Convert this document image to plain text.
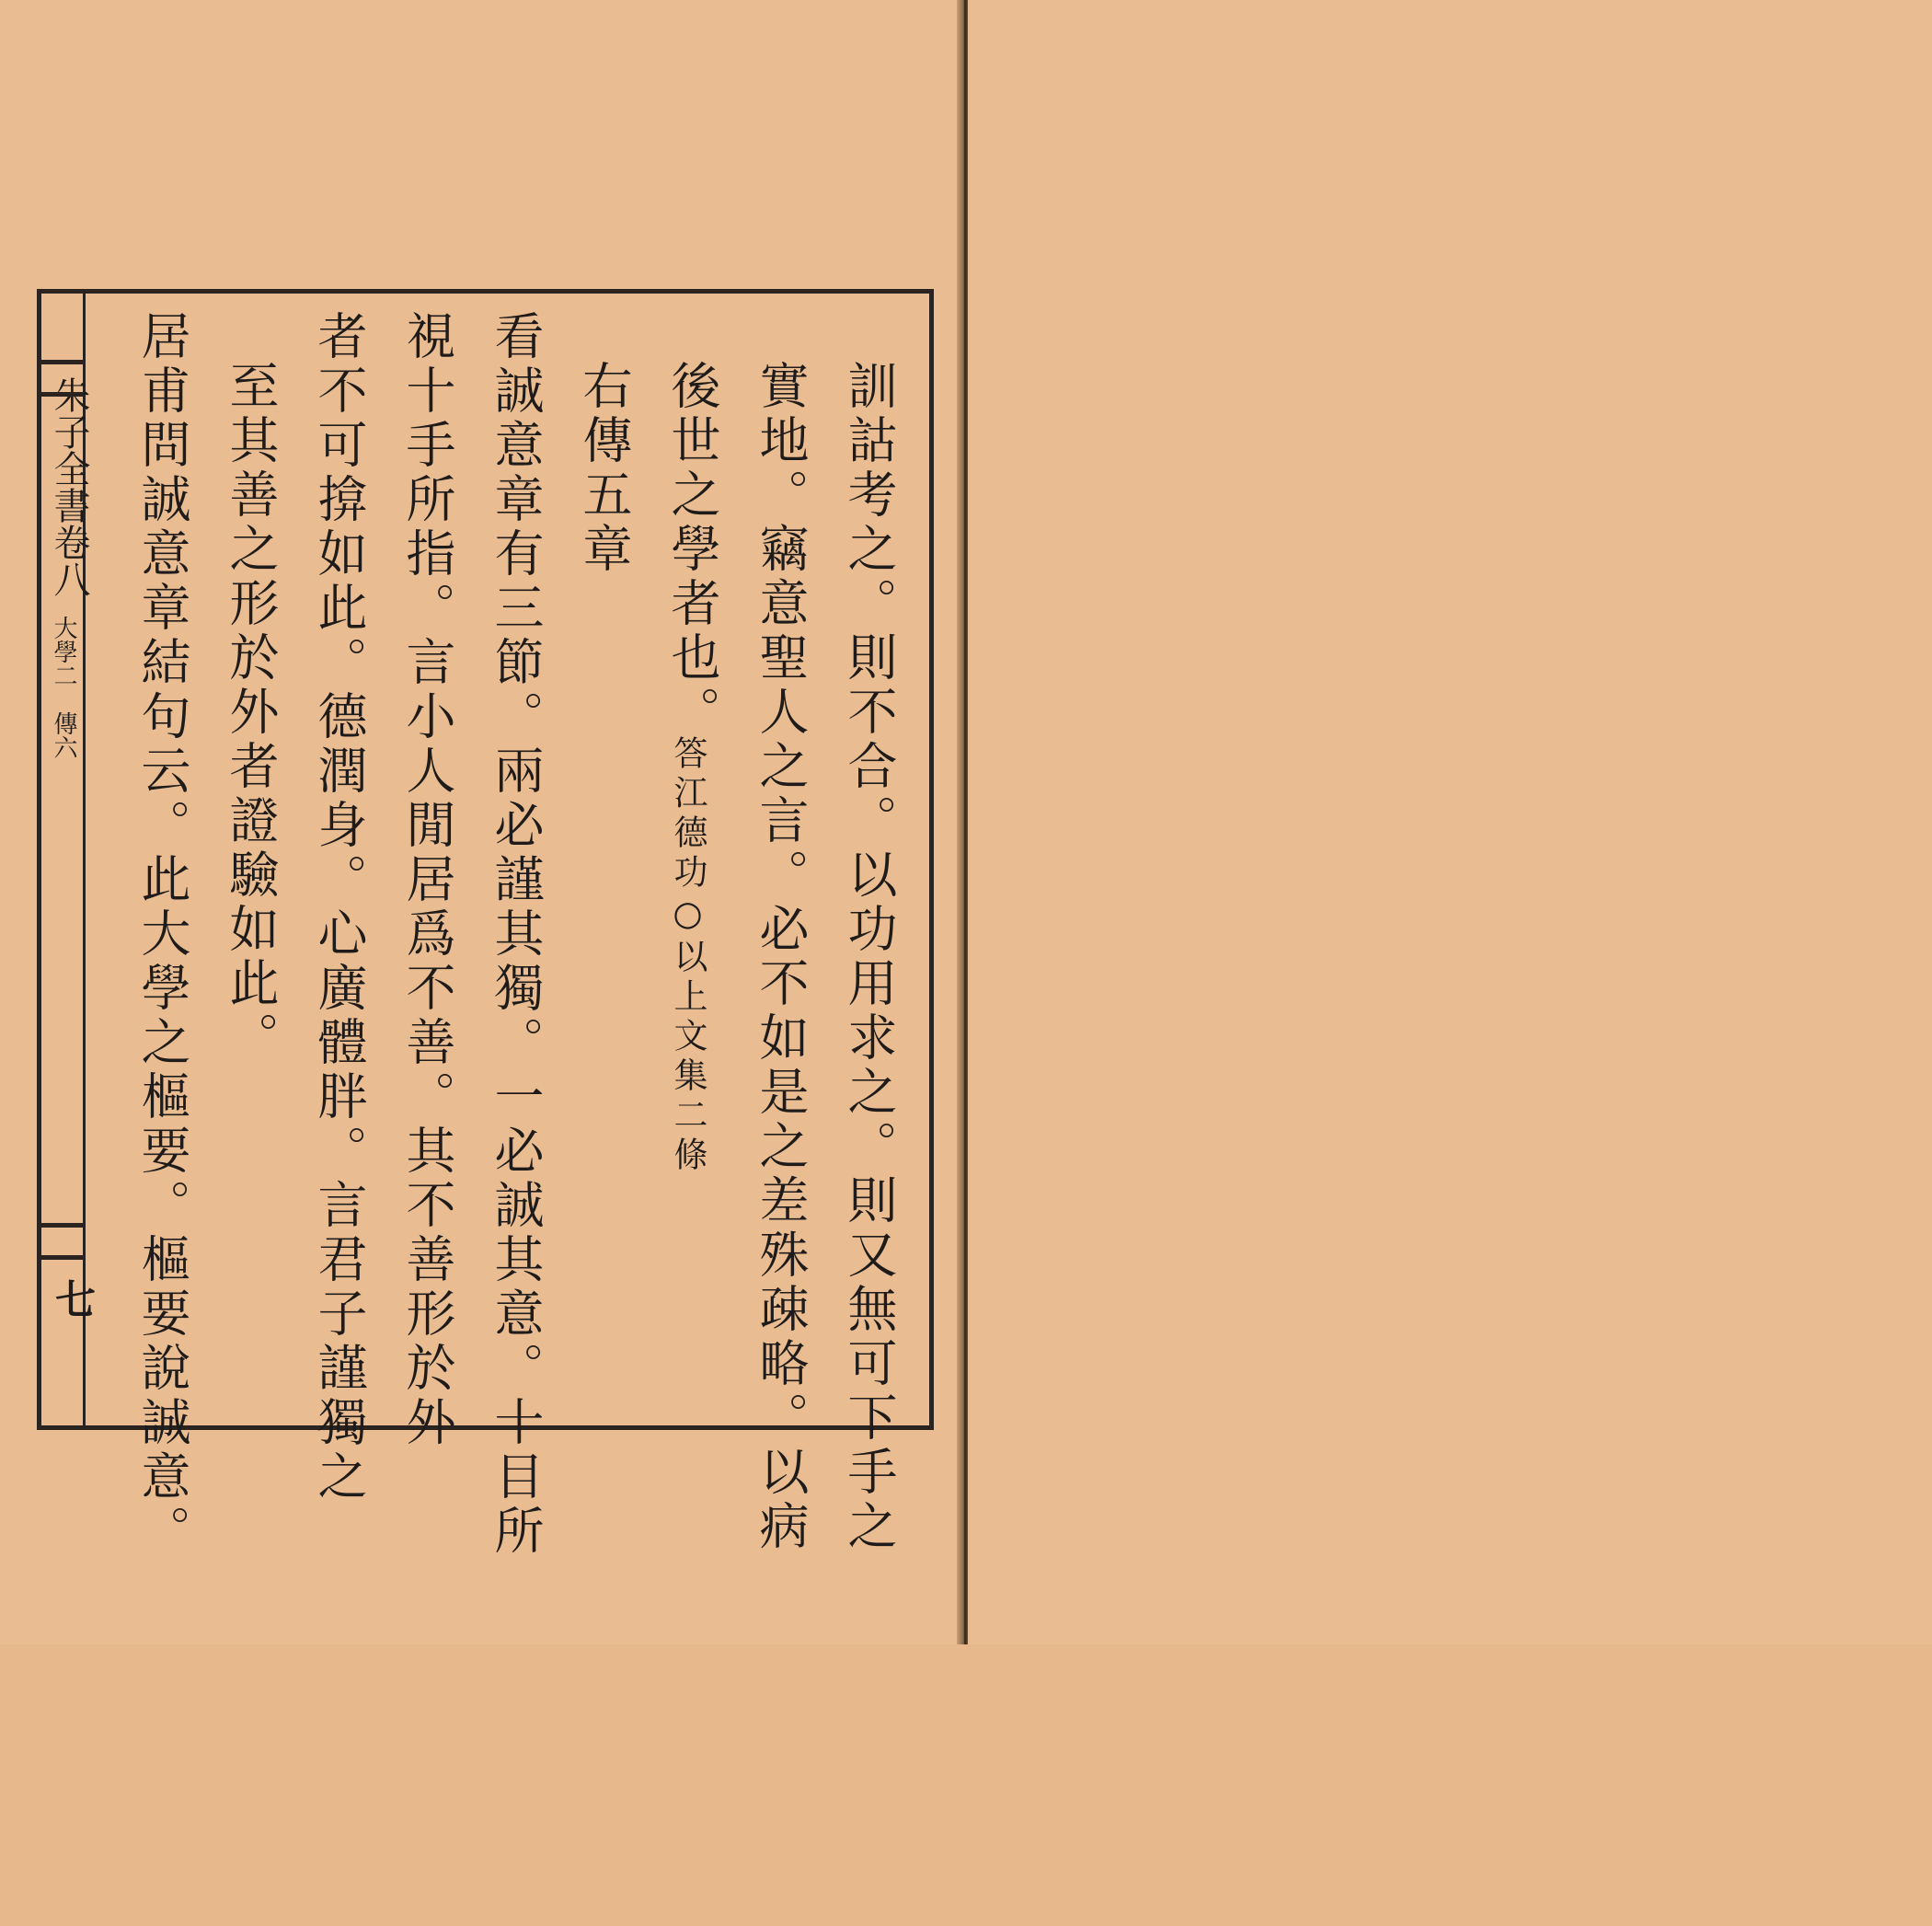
朱子全書卷八
大學二　傳六
七	訓詁考之。則不合。以功用求之。則又無可下手之
實地。竊意聖人之言。必不如是之差殊疎略。以病
後世之學者也。
答江德功○以上文集二條
右傳五章
看誠意章有三節。兩必謹其獨。一必誠其意。十目所
視十手所指。言小人閒居爲不善。其不善形於外
者不可揜如此。德潤身。心廣體胖。言君子謹獨之
至其善之形於外者證驗如此。
居甫問誠意章結句云。此大學之樞要。樞要說誠意。
